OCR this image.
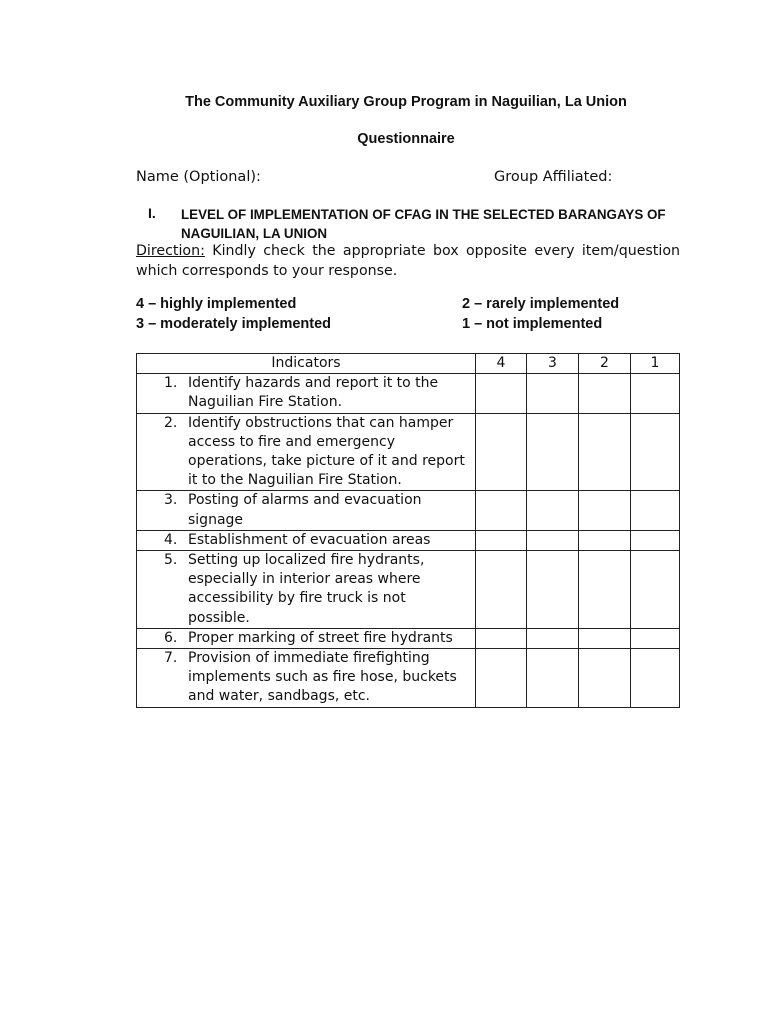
The Community Auxiliary Group Program in Naguilian, La Union
Questionnaire
Name (Optional):	Group Affiliated:
I. LEVEL OF IMPLEMENTATION OF CFAG IN THE SELECTED BARANGAYS OF NAGUILIAN, LA UNION
Direction: Kindly check the appropriate box opposite every item/question which corresponds to your response.
4 – highly implemented
3 – moderately implemented
2 – rarely implemented
1 – not implemented
Indicators	4	3	2	1

1. Identify hazards and report it to the Naguilian Fire Station.				

2. Identify obstructions that can hamper access to fire and emergency operations, take picture of it and report it to the Naguilian Fire Station.				

3. Posting of alarms and evacuation signage				

4. Establishment of evacuation areas				

5. Setting up localized fire hydrants, especially in interior areas where accessibility by fire truck is not possible.				

6. Proper marking of street fire hydrants				

7. Provision of immediate firefighting implements such as fire hose, buckets and water, sandbags, etc.				
